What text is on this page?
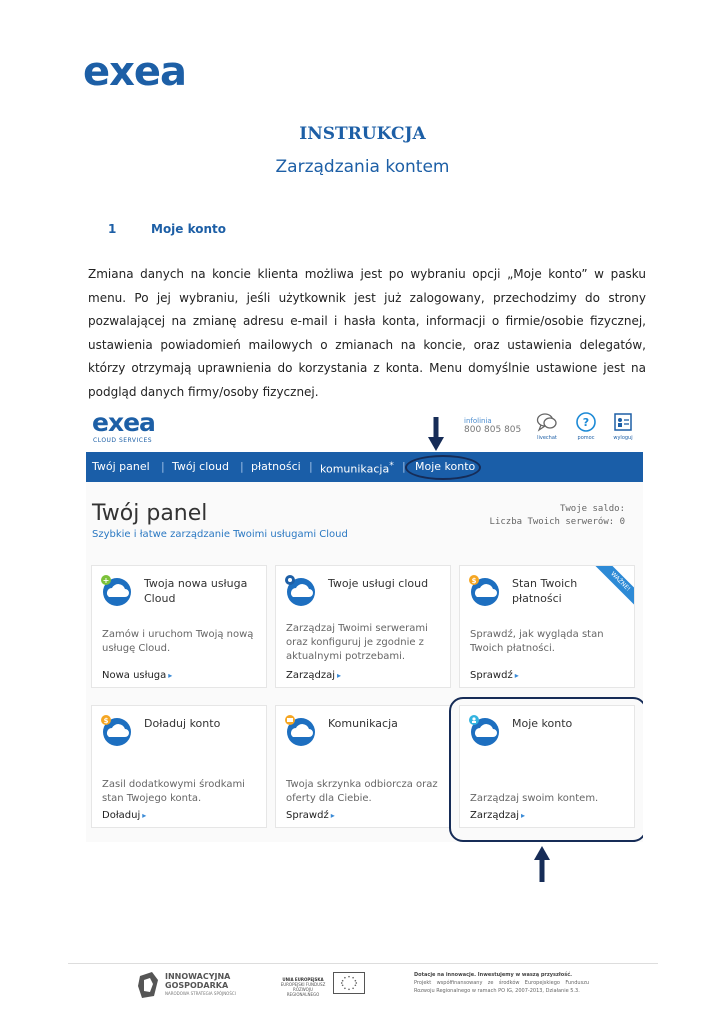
exea
INSTRUKCJA
Zarządzania kontem
1	Moje konto

Zmiana danych na koncie klienta możliwa jest po wybraniu opcji „Moje konto” w pasku menu. Po jej wybraniu, jeśli użytkownik jest już zalogowany, przechodzimy do strony pozwalającej na zmianę adresu e-mail i hasła konta, informacji o firmie/osobie fizycznej, ustawienia powiadomień mailowych o zmianach na koncie, oraz ustawienia delegatów, którzy otrzymają uprawnienia do korzystania z konta. Menu domyślnie ustawione jest na podgląd danych firmy/osoby fizycznej.

exea
CLOUD SERVICES
infolinia
800 805 805
livechat
?
pomoc	wyloguj
Twój panel | Twój cloud | płatności | komunikacja* | Moje konto
Twój panel
Szybkie i łatwe zarządzanie Twoimi usługami Cloud
Twoje saldo:
Liczba Twoich serwerów: 0
+	Twoja nowa usługa Cloud
Zamów i uruchom Twoją nową usługę Cloud.
Nowa usługa ▸
Twoje usługi cloud
Zarządzaj Twoimi serwerami oraz konfiguruj je zgodnie z aktualnymi potrzebami.
Zarządzaj ▸
$	Stan Twoich płatności
Sprawdź, jak wygląda stan Twoich płatności.
Sprawdź ▸
WAŻNE!
$	Doładuj konto
Zasil dodatkowymi środkami stan Twojego konta.
Doładuj ▸
Komunikacja
Twoja skrzynka odbiorcza oraz oferty dla Ciebie.
Sprawdź ▸
Moje konto
Zarządzaj swoim kontem.
Zarządzaj ▸
INNOWACYJNA
GOSPODARKA
NARODOWA STRATEGIA SPÓJNOŚCI
UNIA EUROPEJSKA
EUROPEJSKI FUNDUSZ
ROZWOJU REGIONALNEGO
Dotacje na innowacje. Inwestujemy w waszą przyszłość.
Projekt współfinansowany ze środków Europejskiego Funduszu Rozwoju Regionalnego w ramach PO IG, 2007-2013, Działanie 5.3.
